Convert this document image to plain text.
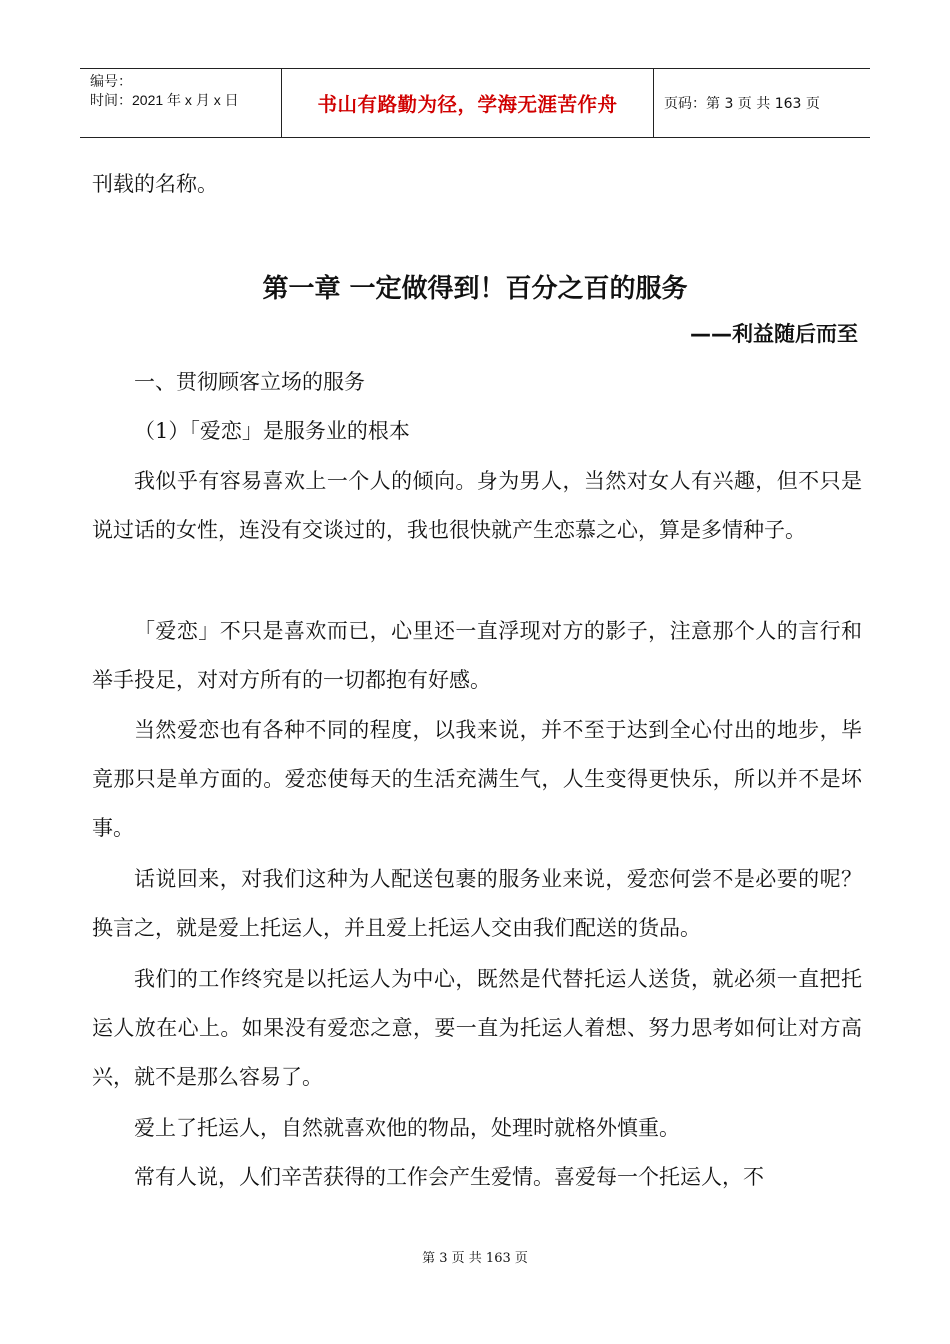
编号：
时间：2021 年 x 月 x 日	书山有路勤为径，学海无涯苦作舟	页码：第 3 页 共 163 页

刊载的名称。

第一章 一定做得到！百分之百的服务
——利益随后而至

一、贯彻顾客立场的服务

（1）「爱恋」是服务业的根本

我似乎有容易喜欢上一个人的倾向。身为男人，当然对女人有兴趣，但不只是说过话的女性，连没有交谈过的，我也很快就产生恋慕之心，算是多情种子。

「爱恋」不只是喜欢而已，心里还一直浮现对方的影子，注意那个人的言行和举手投足，对对方所有的一切都抱有好感。

当然爱恋也有各种不同的程度，以我来说，并不至于达到全心付出的地步，毕竟那只是单方面的。爱恋使每天的生活充满生气，人生变得更快乐，所以并不是坏事。

话说回来，对我们这种为人配送包裹的服务业来说，爱恋何尝不是必要的呢？换言之，就是爱上托运人，并且爱上托运人交由我们配送的货品。

我们的工作终究是以托运人为中心，既然是代替托运人送货，就必须一直把托运人放在心上。如果没有爱恋之意，要一直为托运人着想、努力思考如何让对方高兴，就不是那么容易了。

爱上了托运人，自然就喜欢他的物品，处理时就格外慎重。

常有人说，人们辛苦获得的工作会产生爱情。喜爱每一个托运人，不

第 3 页 共 163 页
